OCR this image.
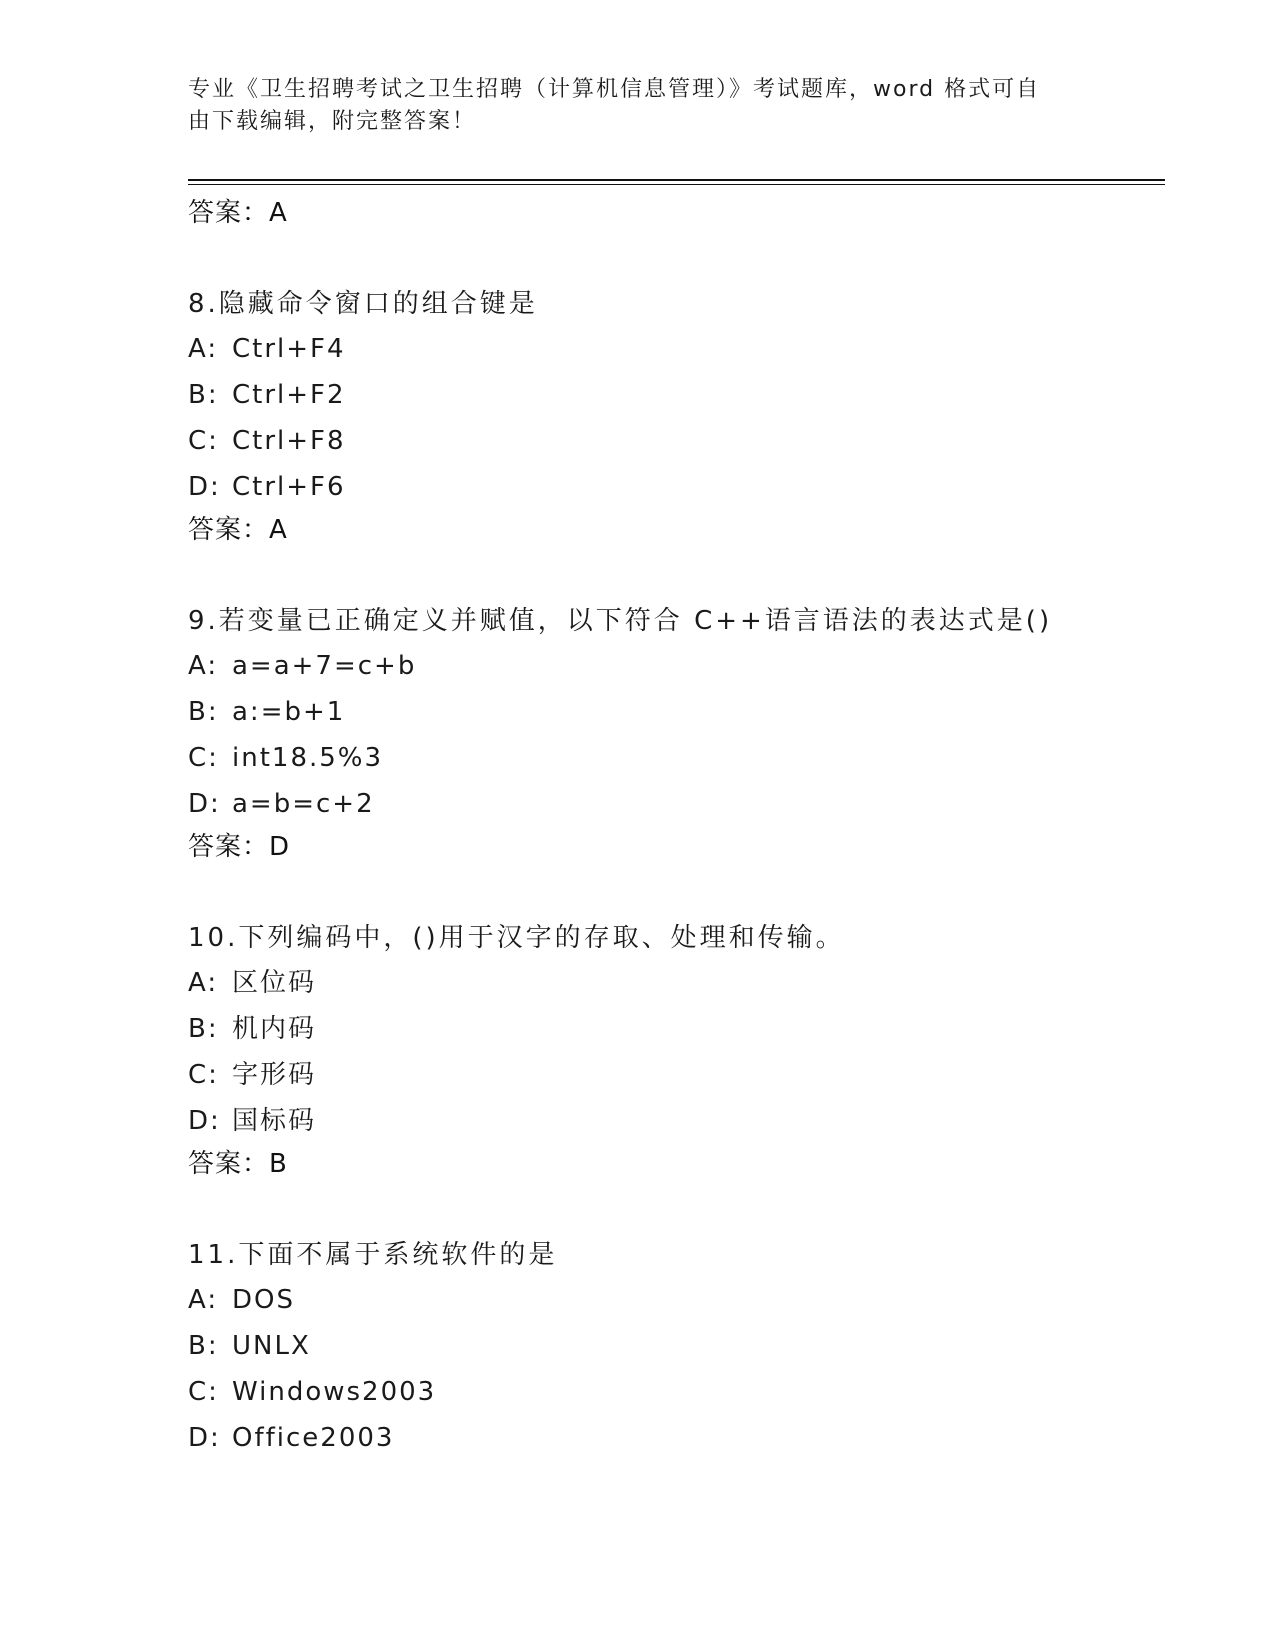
专业《卫生招聘考试之卫生招聘（计算机信息管理）》考试题库，word 格式可自
由下载编辑，附完整答案！
答案：A
8.隐藏命令窗口的组合键是
A: Ctrl+F4
B: Ctrl+F2
C: Ctrl+F8
D: Ctrl+F6
答案：A
9.若变量已正确定义并赋值，以下符合 C++语言语法的表达式是()
A: a=a+7=c+b
B: a:=b+1
C: int18.5%3
D: a=b=c+2
答案：D
10.下列编码中，()用于汉字的存取、处理和传输。
A: 区位码
B: 机内码
C: 字形码
D: 国标码
答案：B
11.下面不属于系统软件的是
A: DOS
B: UNLX
C: Windows2003
D: Office2003
